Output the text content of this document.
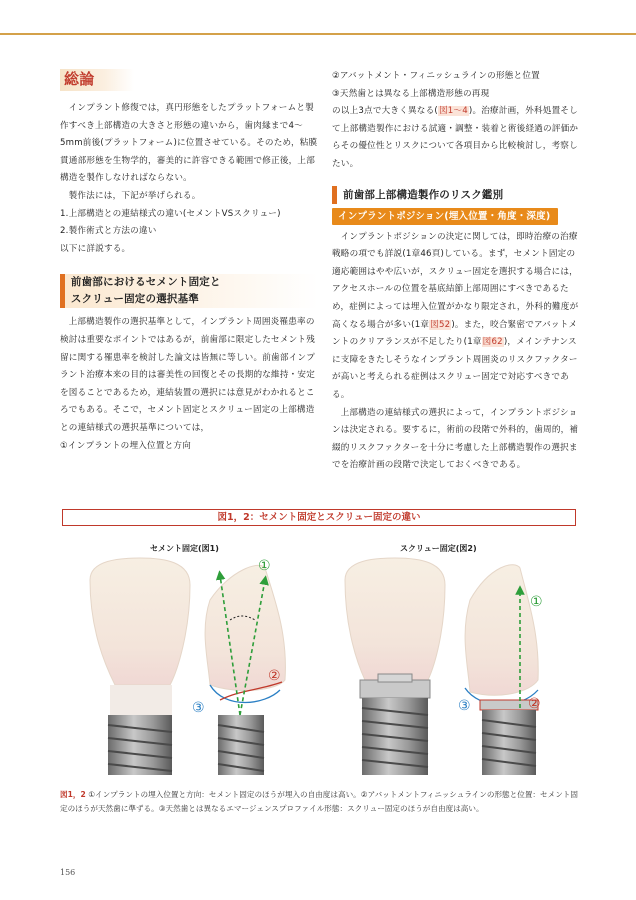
総論

インプラント修復では，真円形態をしたプラットフォームと製作すべき上部構造の大きさと形態の違いから，歯肉縁まで4～5mm前後(プラットフォーム)に位置させている。そのため，粘膜貫通部形態を生物学的，審美的に許容できる範囲で修正後，上部構造を製作しなければならない。

製作法には，下記が挙げられる。

1.上部構造との連結様式の違い(セメントVSスクリュー)
2.製作術式と方法の違い
以下に詳説する。
前歯部におけるセメント固定と
スクリュー固定の選択基準

上部構造製作の選択基準として，インプラント周囲炎罹患率の検討は重要なポイントではあるが，前歯部に限定したセメント残留に関する罹患率を検討した論文は皆無に等しい。前歯部インプラント治療本来の目的は審美性の回復とその長期的な維持・安定を図ることであるため，連結装置の選択には意見がわかれるところでもある。そこで，セメント固定とスクリュー固定の上部構造との連結様式の選択基準については，

①インプラントの埋入位置と方向
②アバットメント・フィニッシュラインの形態と位置
③天然歯とは異なる上部構造形態の再現
の以上3点で大きく異なる(図1～4)。治療計画，外科処置そして上部構造製作における試適・調整・装着と術後経過の評価からその優位性とリスクについて各項目から比較検討し，考察したい。
前歯部上部構造製作のリスク鑑別
インプラントポジション(埋入位置・角度・深度)

インプラントポジションの決定に関しては，即時治療の治療戦略の項でも詳説(1章46頁)している。まず，セメント固定の適応範囲はやや広いが，スクリュー固定を選択する場合には，アクセスホールの位置を基底結節上部周囲にすべきであるため，症例によっては埋入位置がかなり限定され，外科的難度が高くなる場合が多い(1章図52)。また，咬合緊密でアバットメントのクリアランスが不足したり(1章図62)，メインテナンスに支障をきたしそうなインプラント周囲炎のリスクファクターが高いと考えられる症例はスクリュー固定で対応すべきである。

上部構造の連結様式の選択によって，インプラントポジションは決定される。要するに，術前の段階で外科的，歯周的，補綴的リスクファクターを十分に考慮した上部構造製作の選択までを治療計画の段階で決定しておくべきである。

図1，2：セメント固定とスクリュー固定の違い
セメント固定(図1)	スクリュー固定(図2)
①
②
③
①
②
③
図1，2 ①インプラントの埋入位置と方向：セメント固定のほうが埋入の自由度は高い。②アバットメントフィニッシュラインの形態と位置：セメント固定のほうが天然歯に準ずる。③天然歯とは異なるエマージェンスプロファイル形態：スクリュー固定のほうが自由度は高い。
156
